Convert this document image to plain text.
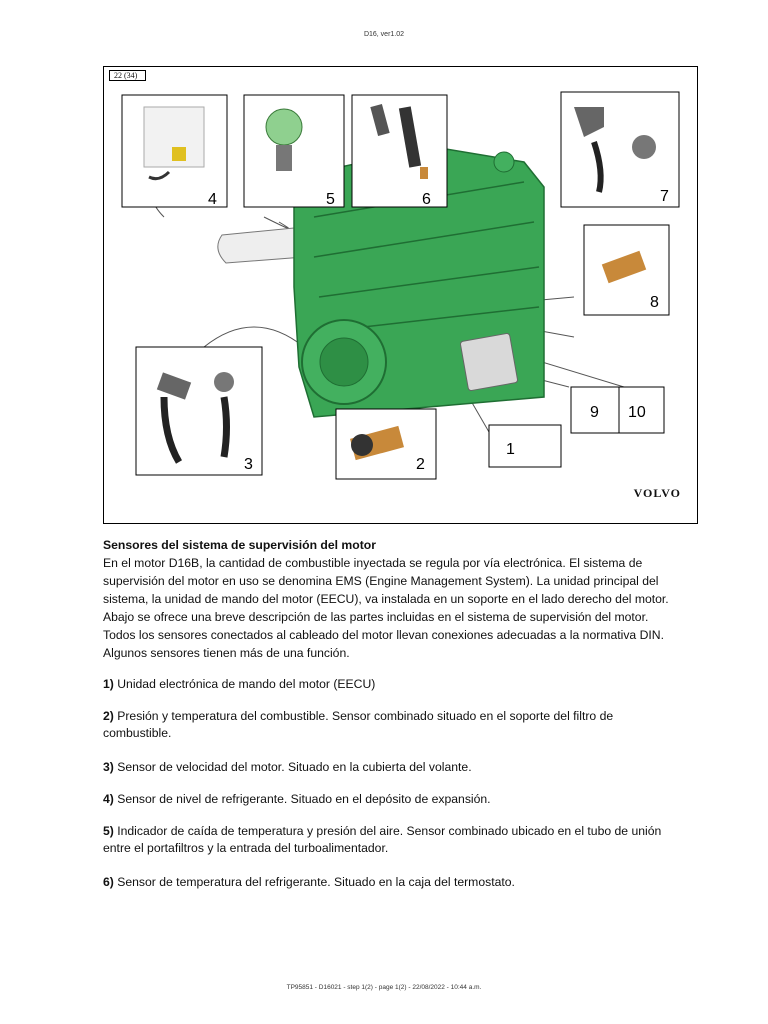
D16, ver1.02
4	5	6	7
8
3	2
1
9 10
22 (34)
VOLVO
Sensores del sistema de supervisión del motor

En el motor D16B, la cantidad de combustible inyectada se regula por vía electrónica. El sistema de supervisión del motor en uso se denomina EMS (Engine Management System). La unidad principal del sistema, la unidad de mando del motor (EECU), va instalada en un soporte en el lado derecho del motor. Abajo se ofrece una breve descripción de las partes incluidas en el sistema de supervisión del motor. Todos los sensores conectados al cableado del motor llevan conexiones adecuadas a la normativa DIN. Algunos sensores tienen más de una función.

1) Unidad electrónica de mando del motor (EECU)
2) Presión y temperatura del combustible. Sensor combinado situado en el soporte del filtro de combustible.
3) Sensor de velocidad del motor. Situado en la cubierta del volante.
4) Sensor de nivel de refrigerante. Situado en el depósito de expansión.
5) Indicador de caída de temperatura y presión del aire. Sensor combinado ubicado en el tubo de unión entre el portafiltros y la entrada del turboalimentador.
6) Sensor de temperatura del refrigerante. Situado en la caja del termostato.
TP95851 - D16021 - step 1(2) - page 1(2) - 22/08/2022 - 10:44 a.m.
